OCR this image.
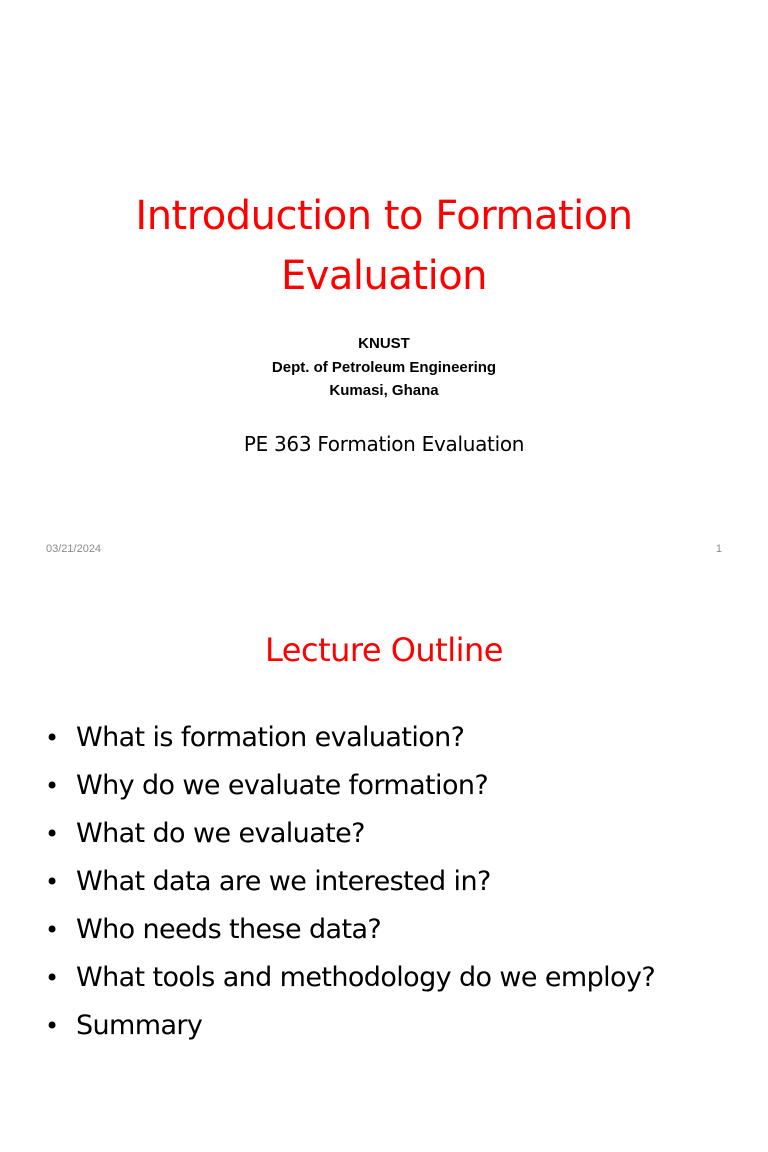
Introduction to Formation
Evaluation
KNUST
Dept. of Petroleum Engineering
Kumasi, Ghana
PE 363 Formation Evaluation
03/21/2024	1
Lecture Outline
• What is formation evaluation?
• Why do we evaluate formation?
• What do we evaluate?
• What data are we interested in?
• Who needs these data?
• What tools and methodology do we employ?
• Summary
